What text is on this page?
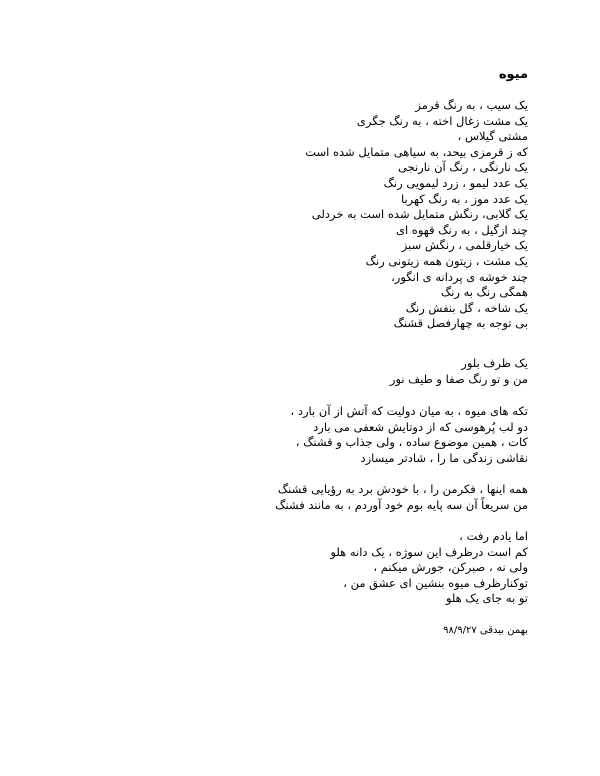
میوه
یک سیب ، به رنگ قرمز
یک مشت زغال اخته ، به رنگ جگری
مشتی گیلاس ،
که ز قرمزی بیحد، به سیاهی متمایل شده است
یک نارنگی ، رنگ آن نارنجی
یک عدد لیمو ، زرد لیمویی رنگ
یک عدد موز ، به رنگ کهربا
یک گلابی، رنگش متمایل شده است به خردلی
چند ازگیل ، به رنگ قهوه ای
یک خیارقلمی ، رنگش سبز
یک مشت ، زیتون همه زیتونی رنگ
چند خوشه ی پردانه ی انگور،
همگی رنگ به رنگ
یک شاخه ، گل بنفش رنگ
بی توجه به چهارفصل قشنگ
یک ظرف بلور
من و تو رنگ صفا و طیف نور
تکه های میوه ، به میان دولیت که آتش از آن بارد ،
دو لب پُرهوسی که از دوتایش شعفی می بارد
کات ، همین موضوع ساده ، ولی جذاب و قشنگ ،
نقاشی زندگی ما را ، شادتر میسازد
همه اینها ، فکرمن را ، با خودش برد به رؤیایی قشنگ
من سریعاً آن سه پایه بوم خود آوردم ، به مانند فشنگ
اما یادم رفت ،
کم است درظرف این سوژه ، یک دانه هلو
ولی نه ، صبرکن، جورش میکنم ،
توکنارظرف میوه بنشین ای عشق من ،
تو به جای یک هلو

بهمن بیدقی ۹۸/۹/۲۷
